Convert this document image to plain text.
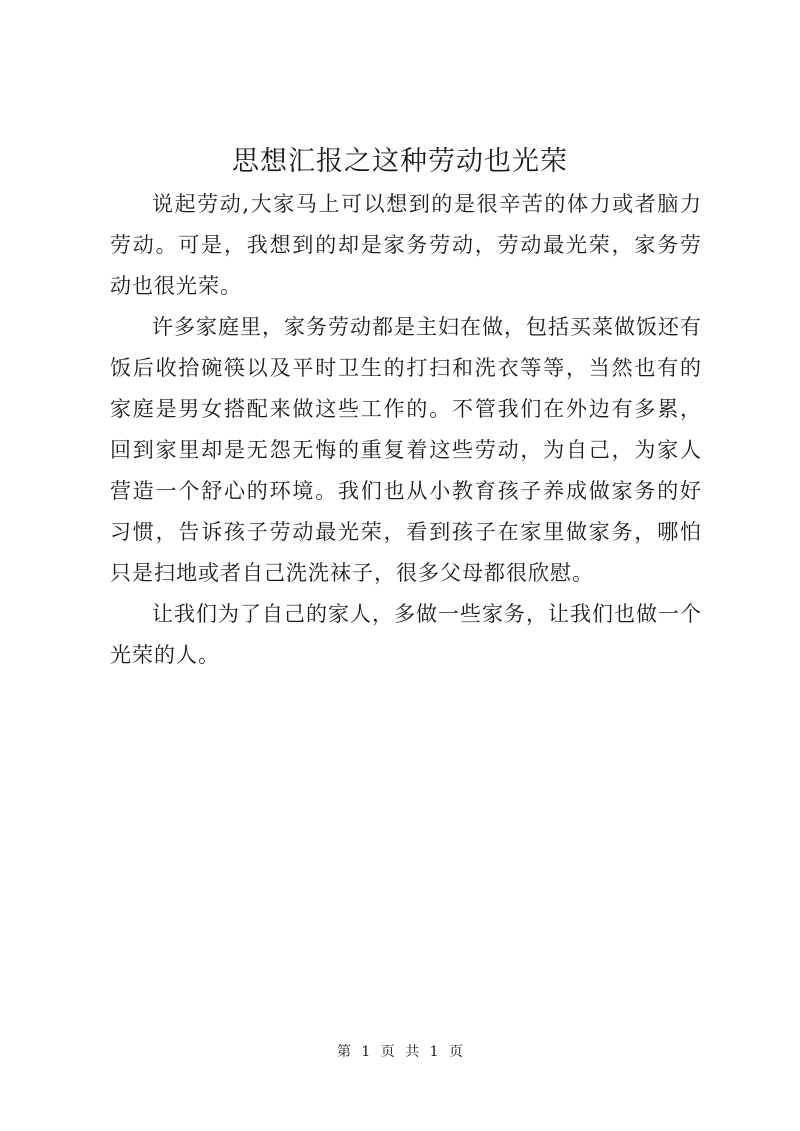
思想汇报之这种劳动也光荣

说起劳动,大家马上可以想到的是很辛苦的体力或者脑力劳动。可是，我想到的却是家务劳动，劳动最光荣，家务劳动也很光荣。

许多家庭里，家务劳动都是主妇在做，包括买菜做饭还有饭后收拾碗筷以及平时卫生的打扫和洗衣等等，当然也有的家庭是男女搭配来做这些工作的。不管我们在外边有多累，回到家里却是无怨无悔的重复着这些劳动，为自己，为家人营造一个舒心的环境。我们也从小教育孩子养成做家务的好习惯，告诉孩子劳动最光荣，看到孩子在家里做家务，哪怕只是扫地或者自己洗洗袜子，很多父母都很欣慰。

让我们为了自己的家人，多做一些家务，让我们也做一个光荣的人。

第 1 页 共 1 页
